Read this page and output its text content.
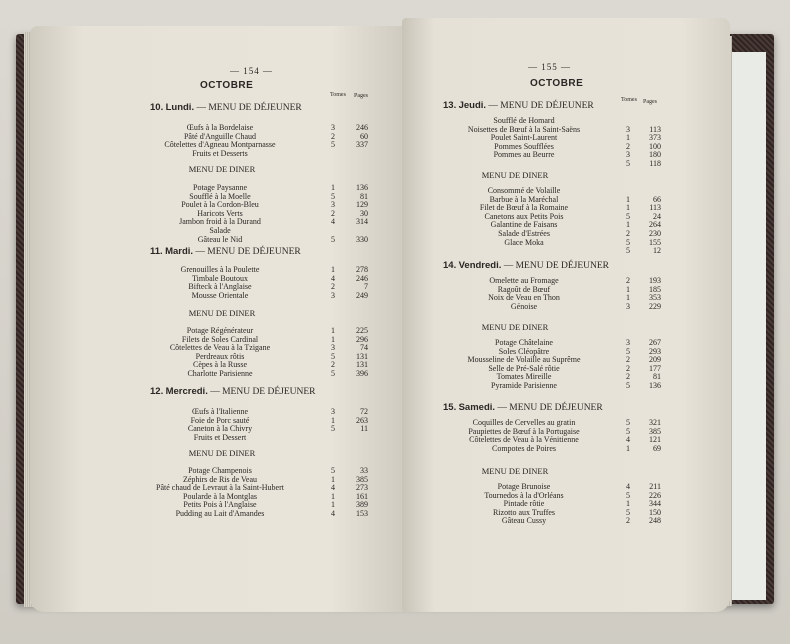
— 154 —
OCTOBRE
Tomes Pages
— 155 —
OCTOBRE
Tomes Pages
10. Lundi. — MENU DE DÉJEUNER
Œufs à la Bordelaise	3	246
Pâté d'Anguille Chaud	2	60
Côtelettes d'Agneau Montparnasse	5	337
Fruits et Desserts
MENU DE DINER
Potage Paysanne	1	136
Soufflé à la Moelle	5	81
Poulet à la Cordon-Bleu	3	129
Haricots Verts	2	30
Jambon froid à la Durand	4	314
Salade
Gâteau le Nid	5	330
11. Mardi. — MENU DE DÉJEUNER
Grenouilles à la Poulette	1	278
Timbale Boutoux	4	246
Bifteck à l'Anglaise	2	7
Mousse Orientale	3	249
MENU DE DINER
Potage Régénérateur	1	225
Filets de Soles Cardinal	1	296
Côtelettes de Veau à la Tzigane	3	74
Perdreaux rôtis	5	131
Cèpes à la Russe	2	131
Charlotte Parisienne	5	396
12. Mercredi. — MENU DE DÉJEUNER
Œufs à l'Italienne	3	72
Foie de Porc sauté	1	263
Caneton à la Chivry	5	11
Fruits et Dessert
MENU DE DINER
Potage Champenois	5	33
Zéphirs de Ris de Veau	1	385
Pâté chaud de Levraut à la Saint-Hubert	4	273
Poularde à la Montglas	1	161
Petits Pois à l'Anglaise	1	389
Pudding au Lait d'Amandes	4	153
13. Jeudi. — MENU DE DÉJEUNER
Soufflé de Homard
Noisettes de Bœuf à la Saint-Saëns	3	113
Poulet Saint-Laurent	1	373
Pommes Soufflées	2	100
Pommes au Beurre	3	180
5	118
MENU DE DINER
Consommé de Volaille
Barbue à la Maréchal	1	66
Filet de Bœuf à la Romaine	1	113
Canetons aux Petits Pois	5	24
Galantine de Faisans	1	264
Salade d'Estrées	2	230
Glace Moka	5	155
5	12
14. Vendredi. — MENU DE DÉJEUNER
Omelette au Fromage	2	193
Ragoût de Bœuf	1	185
Noix de Veau en Thon	1	353
Génoise	3	229
MENU DE DINER
Potage Châtelaine	3	267
Soles Cléopâtre	5	293
Mousseline de Volaille au Suprême	2	209
Selle de Pré-Salé rôtie	2	177
Tomates Mireille	2	81
Pyramide Parisienne	5	136
15. Samedi. — MENU DE DÉJEUNER
Coquilles de Cervelles au gratin	5	321
Paupiettes de Bœuf à la Portugaise	5	385
Côtelettes de Veau à la Vénitienne	4	121
Compotes de Poires	1	69
MENU DE DINER
Potage Brunoise	4	211
Tournedos à la d'Orléans	5	226
Pintade rôtie	1	344
Rizotto aux Truffes	5	150
Gâteau Cussy	2	248
